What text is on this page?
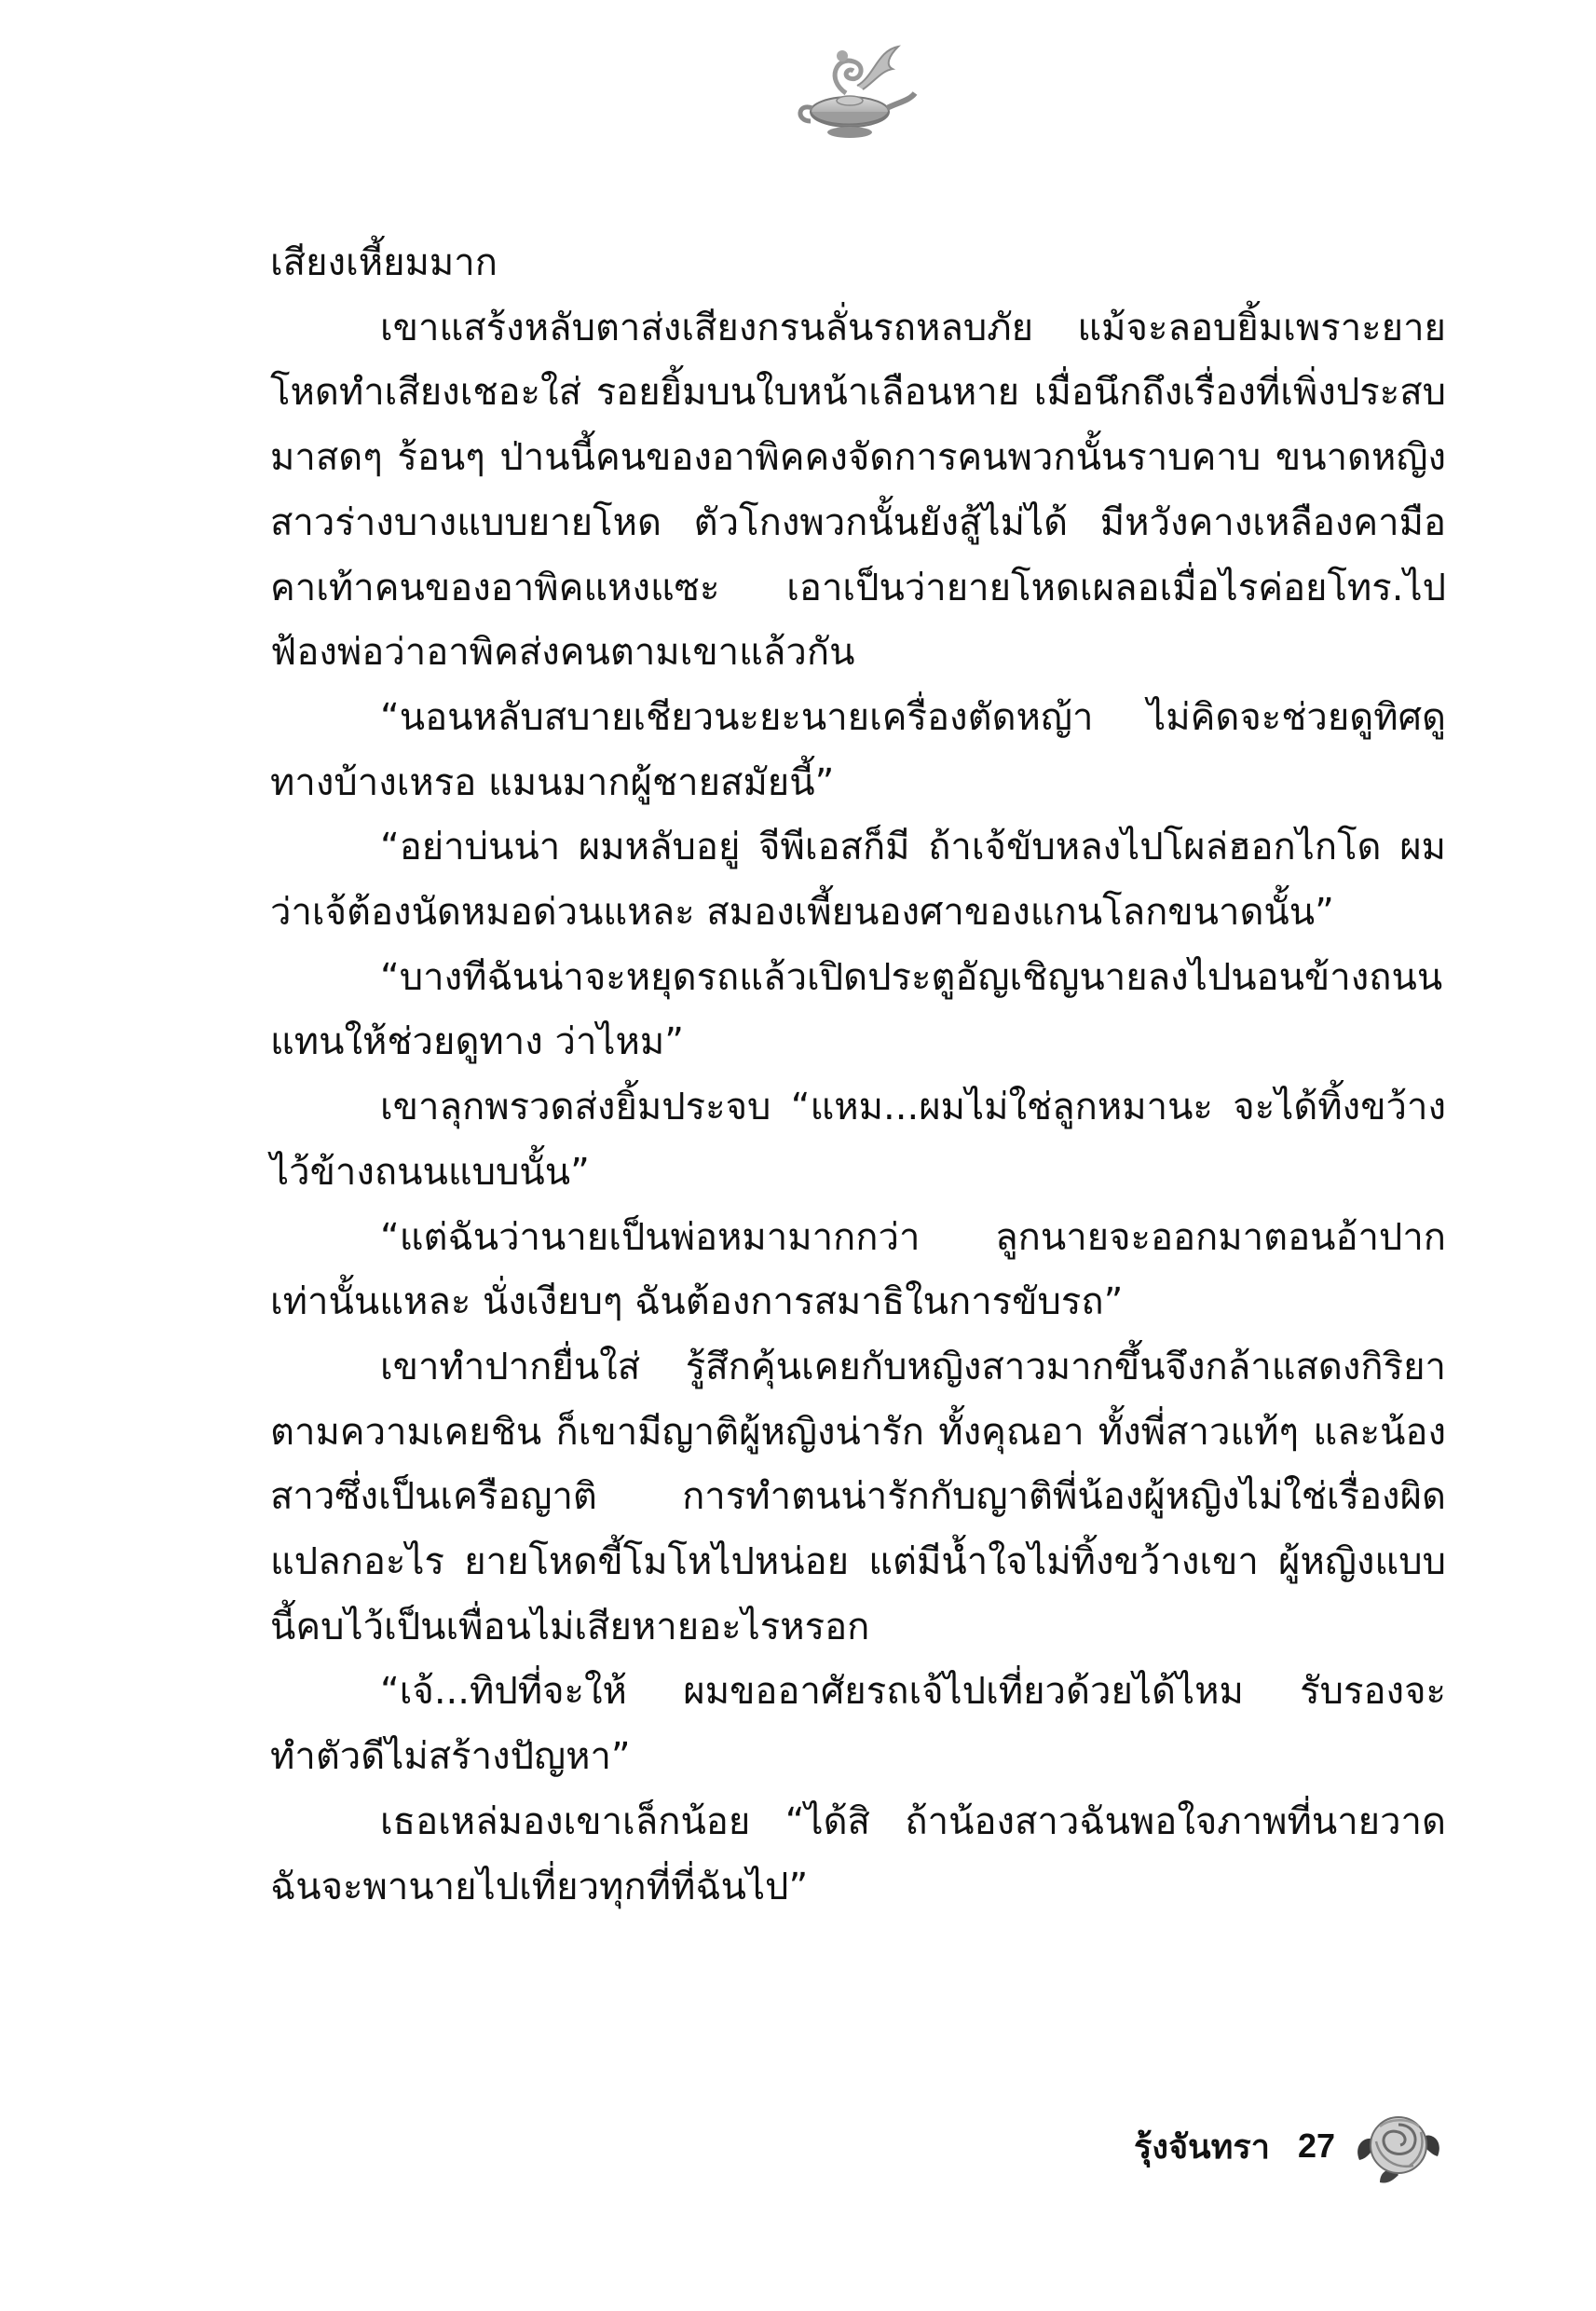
เสียงเหี้ยมมาก

เขาแสร้งหลับตาส่งเสียงกรนลั่นรถหลบภัย แม้จะลอบยิ้มเพราะยายโหดทำเสียงเชอะใส่ รอยยิ้มบนใบหน้าเลือนหาย เมื่อนึกถึงเรื่องที่เพิ่งประสบมาสดๆ ร้อนๆ ป่านนี้คนของอาพิคคงจัดการคนพวกนั้นราบคาบ ขนาดหญิงสาวร่างบางแบบยายโหด ตัวโกงพวกนั้นยังสู้ไม่ได้ มีหวังคางเหลืองคามือคาเท้าคนของอาพิคแหงแซะ เอาเป็นว่ายายโหดเผลอเมื่อไรค่อยโทร.ไปฟ้องพ่อว่าอาพิคส่งคนตามเขาแล้วกัน

“นอนหลับสบายเชียวนะยะนายเครื่องตัดหญ้า ไม่คิดจะช่วยดูทิศดูทางบ้างเหรอ แมนมากผู้ชายสมัยนี้”

“อย่าบ่นน่า ผมหลับอยู่ จีพีเอสก็มี ถ้าเจ้ขับหลงไปโผล่ฮอกไกโด ผมว่าเจ้ต้องนัดหมอด่วนแหละ สมองเพี้ยนองศาของแกนโลกขนาดนั้น”

“บางทีฉันน่าจะหยุดรถแล้วเปิดประตูอัญเชิญนายลงไปนอนข้างถนนแทนให้ช่วยดูทาง ว่าไหม”

เขาลุกพรวดส่งยิ้มประจบ “แหม...ผมไม่ใช่ลูกหมานะ จะได้ทิ้งขว้างไว้ข้างถนนแบบนั้น”

“แต่ฉันว่านายเป็นพ่อหมามากกว่า ลูกนายจะออกมาตอนอ้าปากเท่านั้นแหละ นั่งเงียบๆ ฉันต้องการสมาธิในการขับรถ”

เขาทำปากยื่นใส่ รู้สึกคุ้นเคยกับหญิงสาวมากขึ้นจึงกล้าแสดงกิริยาตามความเคยชิน ก็เขามีญาติผู้หญิงน่ารัก ทั้งคุณอา ทั้งพี่สาวแท้ๆ และน้องสาวซึ่งเป็นเครือญาติ การทำตนน่ารักกับญาติพี่น้องผู้หญิงไม่ใช่เรื่องผิดแปลกอะไร ยายโหดขี้โมโหไปหน่อย แต่มีน้ำใจไม่ทิ้งขว้างเขา ผู้หญิงแบบนี้คบไว้เป็นเพื่อนไม่เสียหายอะไรหรอก

“เจ้...ทิปที่จะให้ ผมขออาศัยรถเจ้ไปเที่ยวด้วยได้ไหม รับรองจะทำตัวดีไม่สร้างปัญหา”

เธอเหล่มองเขาเล็กน้อย “ได้สิ ถ้าน้องสาวฉันพอใจภาพที่นายวาดฉันจะพานายไปเที่ยวทุกที่ที่ฉันไป”

รุ้งจันทรา 27
